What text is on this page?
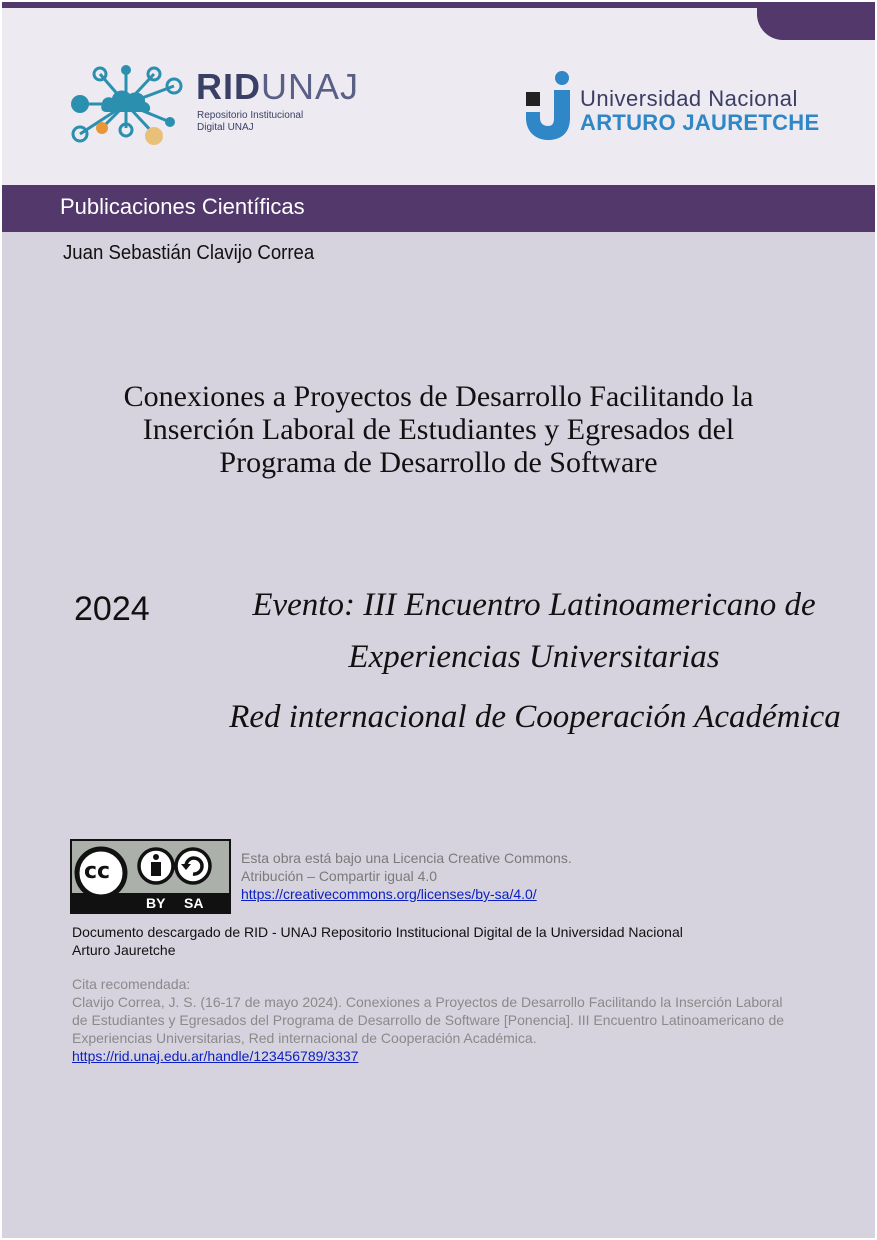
RIDUNAJ
Repositorio Institucional
Digital UNAJ
Universidad Nacional
ARTURO JAURETCHE
Publicaciones Científicas
Juan Sebastián Clavijo Correa
Conexiones a Proyectos de Desarrollo Facilitando la
Inserción Laboral de Estudiantes y Egresados del
Programa de Desarrollo de Software
2024	Evento: III Encuentro Latinoamericano de
Experiencias Universitarias
Red internacional de Cooperación Académica
cc
BY SA
Esta obra está bajo una Licencia Creative Commons.
Atribución – Compartir igual 4.0
https://creativecommons.org/licenses/by-sa/4.0/
Documento descargado de RID - UNAJ Repositorio Institucional Digital de la Universidad Nacional Arturo Jauretche
Cita recomendada:
Clavijo Correa, J. S. (16-17 de mayo 2024). Conexiones a Proyectos de Desarrollo Facilitando la Inserción Laboral de Estudiantes y Egresados del Programa de Desarrollo de Software [Ponencia]. III Encuentro Latinoamericano de Experiencias Universitarias, Red internacional de Cooperación Académica.
https://rid.unaj.edu.ar/handle/123456789/3337
